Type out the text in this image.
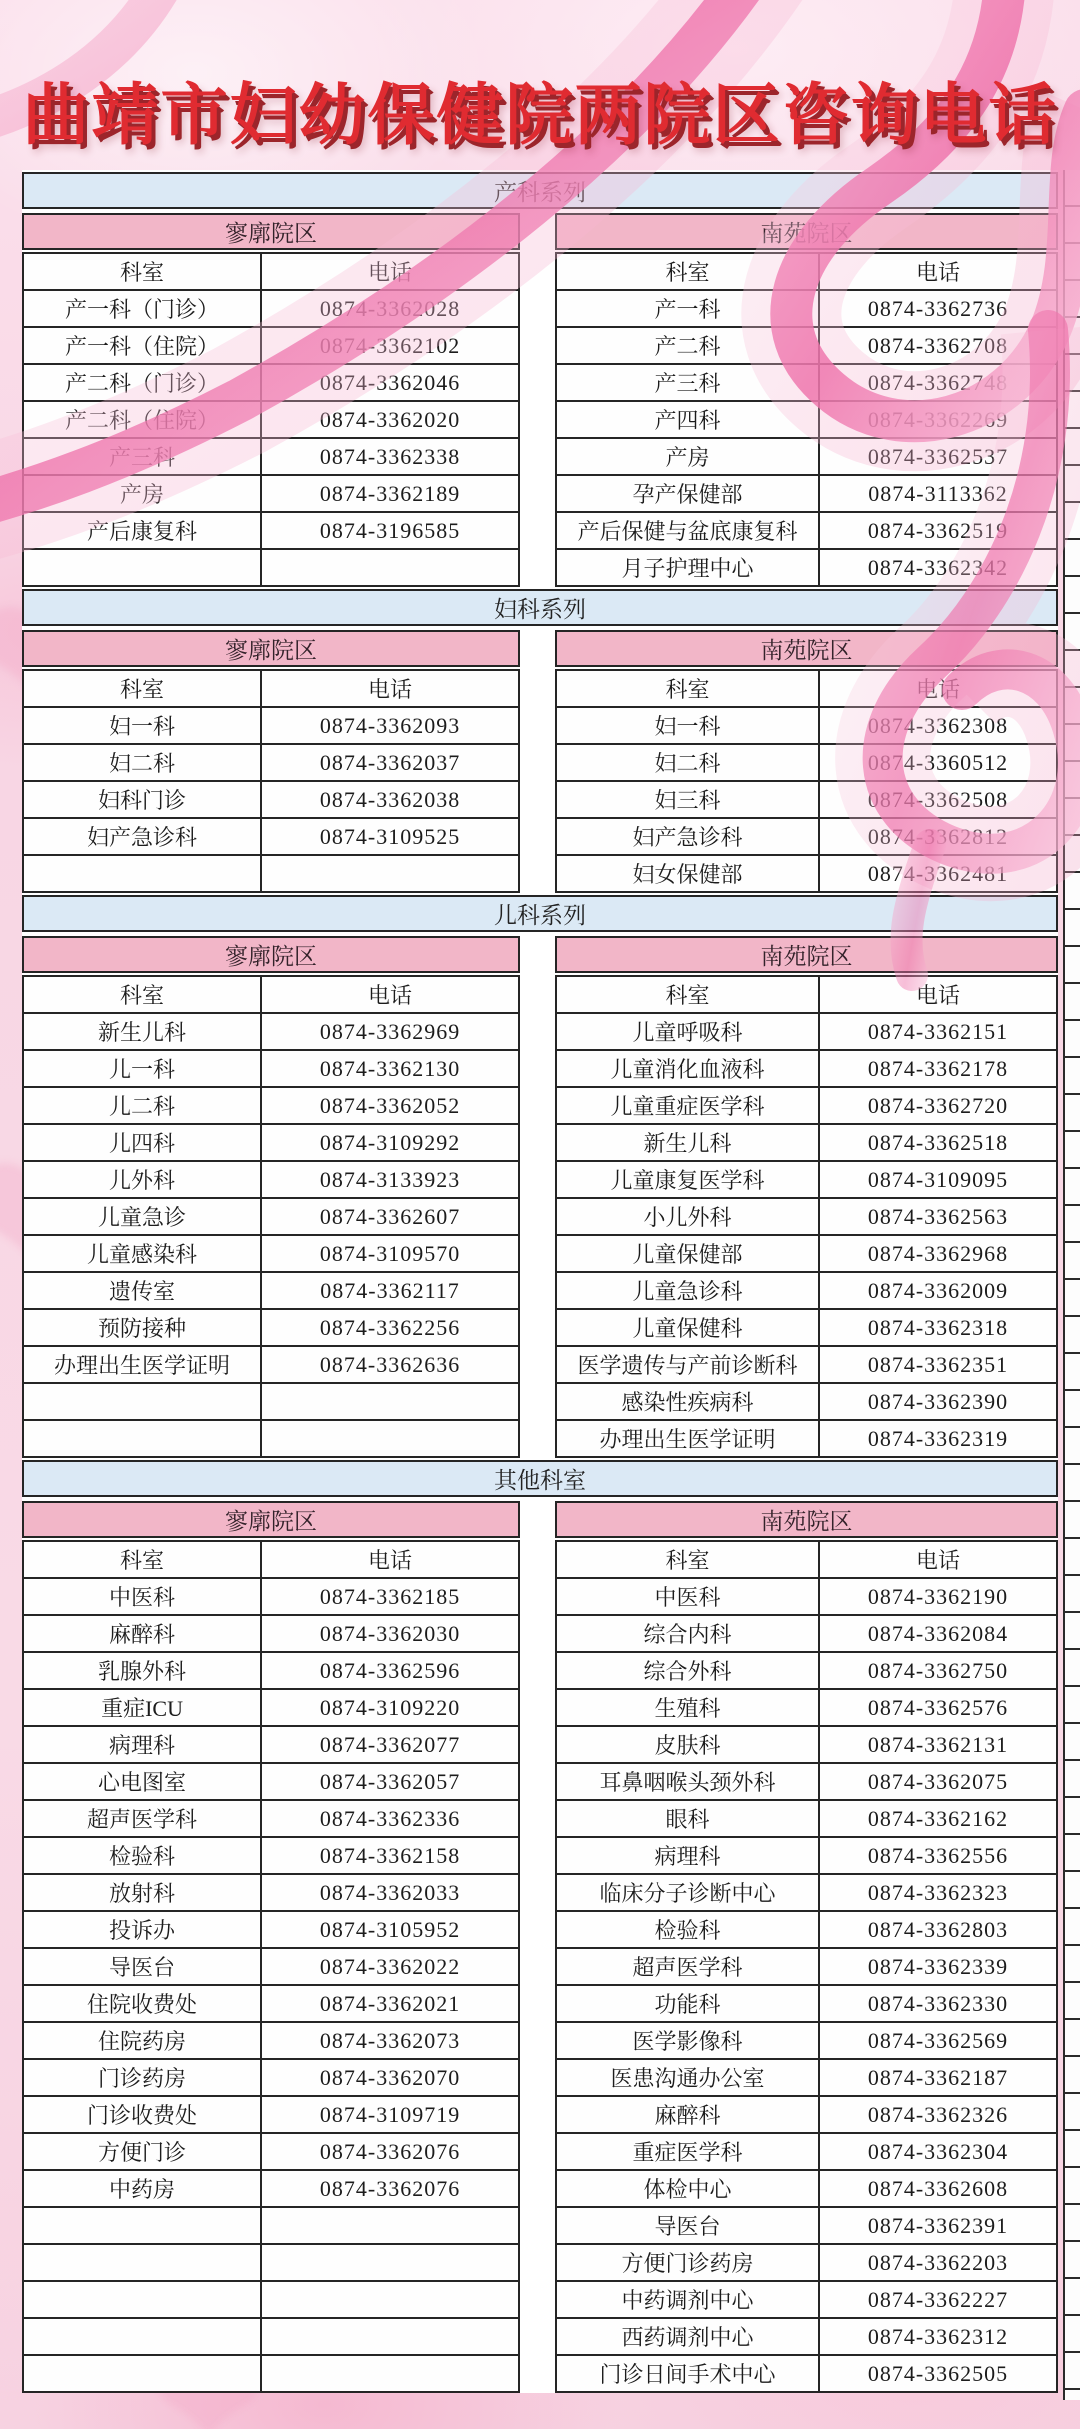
❤
❤
❤
❤
❤
❤
❤
❤
❤
曲靖市妇幼保健院两院区咨询电话
产科系列
寥廓院区
科室	电话
产一科（门诊）	0874-3362028
产一科（住院）	0874-3362102
产二科（门诊）	0874-3362046
产二科（住院）	0874-3362020
产三科	0874-3362338
产房	0874-3362189
产后康复科	0874-3196585

南苑院区
科室	电话
产一科	0874-3362736
产二科	0874-3362708
产三科	0874-3362748
产四科	0874-3362269
产房	0874-3362537
孕产保健部	0874-3113362
产后保健与盆底康复科	0874-3362519
月子护理中心	0874-3362342
妇科系列
寥廓院区
科室	电话
妇一科	0874-3362093
妇二科	0874-3362037
妇科门诊	0874-3362038
妇产急诊科	0874-3109525

南苑院区
科室	电话
妇一科	0874-3362308
妇二科	0874-3360512
妇三科	0874-3362508
妇产急诊科	0874-3362812
妇女保健部	0874-3362481
儿科系列
寥廓院区
科室	电话
新生儿科	0874-3362969
儿一科	0874-3362130
儿二科	0874-3362052
儿四科	0874-3109292
儿外科	0874-3133923
儿童急诊	0874-3362607
儿童感染科	0874-3109570
遗传室	0874-3362117
预防接种	0874-3362256
办理出生医学证明	0874-3362636

南苑院区
科室	电话
儿童呼吸科	0874-3362151
儿童消化血液科	0874-3362178
儿童重症医学科	0874-3362720
新生儿科	0874-3362518
儿童康复医学科	0874-3109095
小儿外科	0874-3362563
儿童保健部	0874-3362968
儿童急诊科	0874-3362009
儿童保健科	0874-3362318
医学遗传与产前诊断科	0874-3362351
感染性疾病科	0874-3362390
办理出生医学证明	0874-3362319
其他科室
寥廓院区
科室	电话
中医科	0874-3362185
麻醉科	0874-3362030
乳腺外科	0874-3362596
重症ICU	0874-3109220
病理科	0874-3362077
心电图室	0874-3362057
超声医学科	0874-3362336
检验科	0874-3362158
放射科	0874-3362033
投诉办	0874-3105952
导医台	0874-3362022
住院收费处	0874-3362021
住院药房	0874-3362073
门诊药房	0874-3362070
门诊收费处	0874-3109719
方便门诊	0874-3362076
中药房	0874-3362076

南苑院区
科室	电话
中医科	0874-3362190
综合内科	0874-3362084
综合外科	0874-3362750
生殖科	0874-3362576
皮肤科	0874-3362131
耳鼻咽喉头颈外科	0874-3362075
眼科	0874-3362162
病理科	0874-3362556
临床分子诊断中心	0874-3362323
检验科	0874-3362803
超声医学科	0874-3362339
功能科	0874-3362330
医学影像科	0874-3362569
医患沟通办公室	0874-3362187
麻醉科	0874-3362326
重症医学科	0874-3362304
体检中心	0874-3362608
导医台	0874-3362391
方便门诊药房	0874-3362203
中药调剂中心	0874-3362227
西药调剂中心	0874-3362312
门诊日间手术中心	0874-3362505
